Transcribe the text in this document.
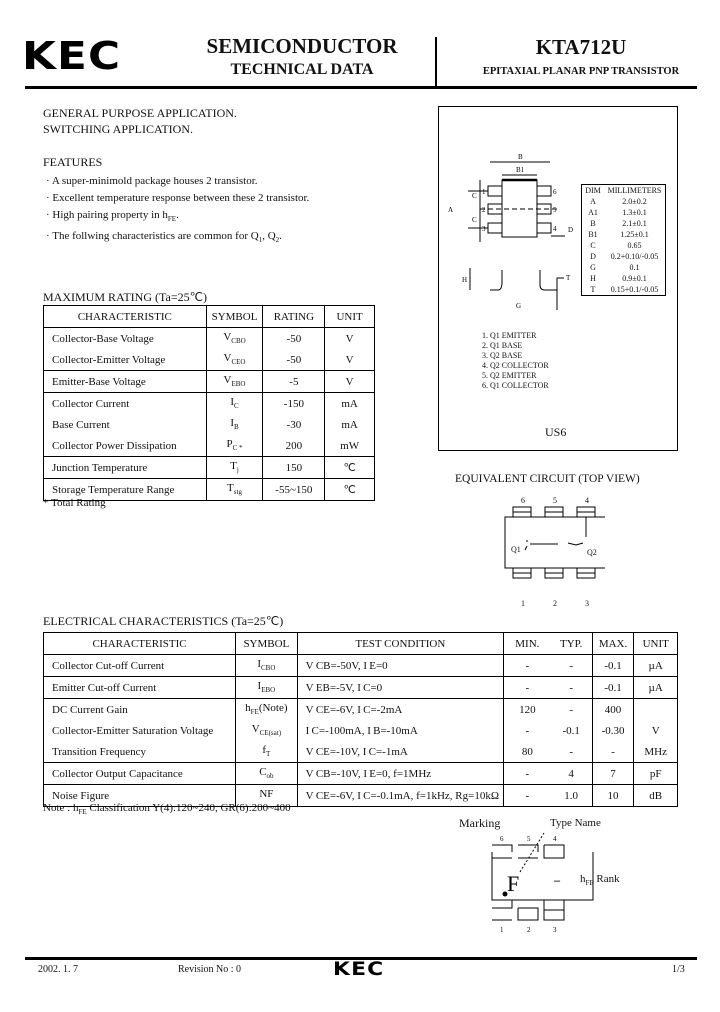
KEC	SEMICONDUCTOR
TECHNICAL DATA
KTA712U
EPITAXIAL PLANAR PNP TRANSISTOR
GENERAL PURPOSE APPLICATION.
SWITCHING APPLICATION.
FEATURES
· A super-minimold package houses 2 transistor.
· Excellent temperature response between these 2 transistor.
· High pairing property in $h_{FE}$.
· The follwing characteristics are common for $Q_1$, $Q_2$.
MAXIMUM RATING (Ta=25℃)
CHARACTERISTIC	SYMBOL	RATING	UNIT
Collector-Base Voltage	$V_{CBO}$	-50	V
Collector-Emitter Voltage	$V_{CEO}$	-50	V
Emitter-Base Voltage	$V_{EBO}$	-5	V
Collector Current	$I_C$	-150	mA
Base Current	$I_B$	-30	mA
Collector Power Dissipation	$P_{C *}$	200	mW
Junction Temperature	$T_j$	150	℃
Storage Temperature Range	$T_{stg}$	-55~150	℃
* Total Rating
B
B1
A
C
C
1
2
3
6
5
4 D
H
G
T
DIM	MILLIMETERS
A	2.0±0.2
A1	1.3±0.1
B	2.1±0.1
B1	1.25±0.1
C	0.65
D	0.2+0.10/-0.05
G	0.1
H	0.9±0.1
T	0.15+0.1/-0.05
1. Q1 EMITTER
2. Q1 BASE
3. Q2 BASE
4. Q2 COLLECTOR
5. Q2 EMITTER
6. Q1 COLLECTOR
US6
EQUIVALENT CIRCUIT (TOP VIEW)
6	5	4
1	2	3
Q1	Q2
ELECTRICAL CHARACTERISTICS (Ta=25℃)
CHARACTERISTIC	SYMBOL	TEST CONDITION	MIN.	TYP.	MAX.	UNIT
Collector Cut-off Current	$I_{CBO}$	V CB=-50V, I E=0	-	-	-0.1	µA
Emitter Cut-off Current	$I_{EBO}$	V EB=-5V, I C=0	-	-	-0.1	µA
DC Current Gain	$h_{FE}(Note)$	V CE=-6V, I C=-2mA	120	-	400	
Collector-Emitter Saturation Voltage	$V_{CE(sat)}$	I C=-100mA, I B=-10mA	-	-0.1	-0.30	V
Transition Frequency	$f_T$	V CE=-10V, I C=-1mA	80	-	-	MHz
Collector Output Capacitance	$C_{ob}$	V CB=-10V, I E=0, f=1MHz	-	4	7	pF
Noise Figure	NF	V CE=-6V, I C=-0.1mA, f=1kHz, Rg=10kΩ	-	1.0	10	dB
Note : $h_{FE}$ Classification Y(4):120~240, GR(6):200~400
Marking	Type Name
F	–
6	5	4
1	2	3
$h_{FE}$ Rank
2002. 1. 7	Revision No : 0	KEC	1/3
